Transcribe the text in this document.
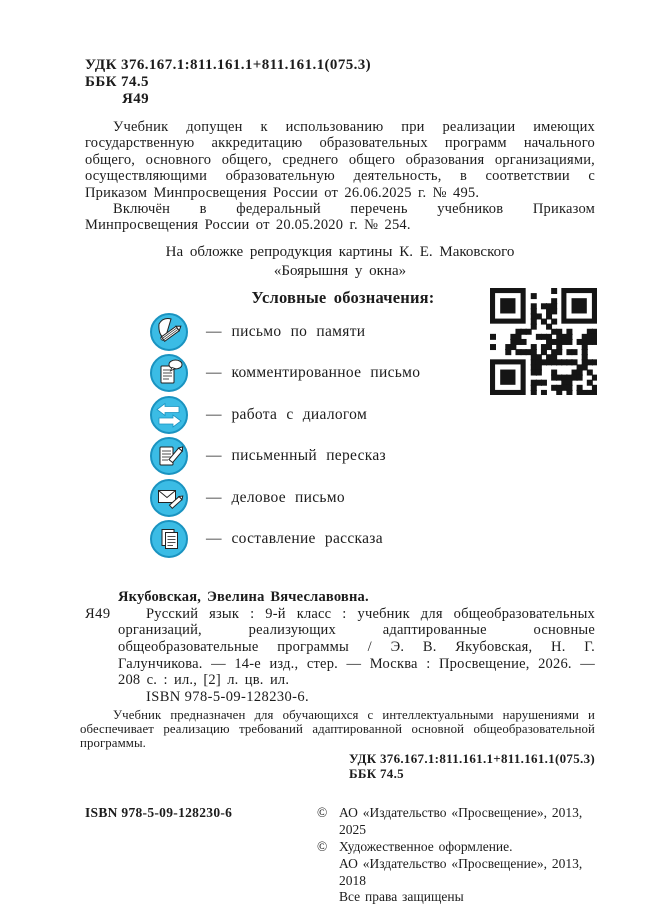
УДК 376.167.1:811.161.1+811.161.1(075.3)
ББК 74.5
Я49

Учебник допущен к использованию при реализации имеющих государственную аккредитацию образовательных программ начального общего, основного общего, среднего общего образования организациями, осуществляющими образовательную деятельность, в соответствии с Приказом Минпросвещения России от 26.06.2025 г. № 495.

Включён в федеральный перечень учебников Приказом Минпросвещения России от 20.05.2020 г. № 254.

На обложке репродукция картины К. Е. Маковского
«Боярышня у окна»
Условные обозначения:
— письмо по памяти
— комментированное письмо
— работа с диалогом
— письменный пересказ
— деловое письмо
— составление рассказа
Якубовская, Эвелина Вячеславовна.
Я49	Русский язык : 9-й класс : учебник для общеобразовательных организаций, реализующих адаптированные основные общеобразовательные программы / Э. В. Якубовская, Н. Г. Галунчикова. — 14-е изд., стер. — Москва : Просвещение, 2026. — 208 с. : ил., [2] л. цв. ил.

ISBN 978-5-09-128230-6.

Учебник предназначен для обучающихся с интеллектуальными нарушениями и обеспечивает реализацию требований адаптированной основной общеобразовательной программы.

УДК 376.167.1:811.161.1+811.161.1(075.3)
ББК 74.5
ISBN 978-5-09-128230-6	© АО «Издательство «Просвещение», 2013, 2025
© Художественное оформление.
АО «Издательство «Просвещение», 2013, 2018
Все права защищены
